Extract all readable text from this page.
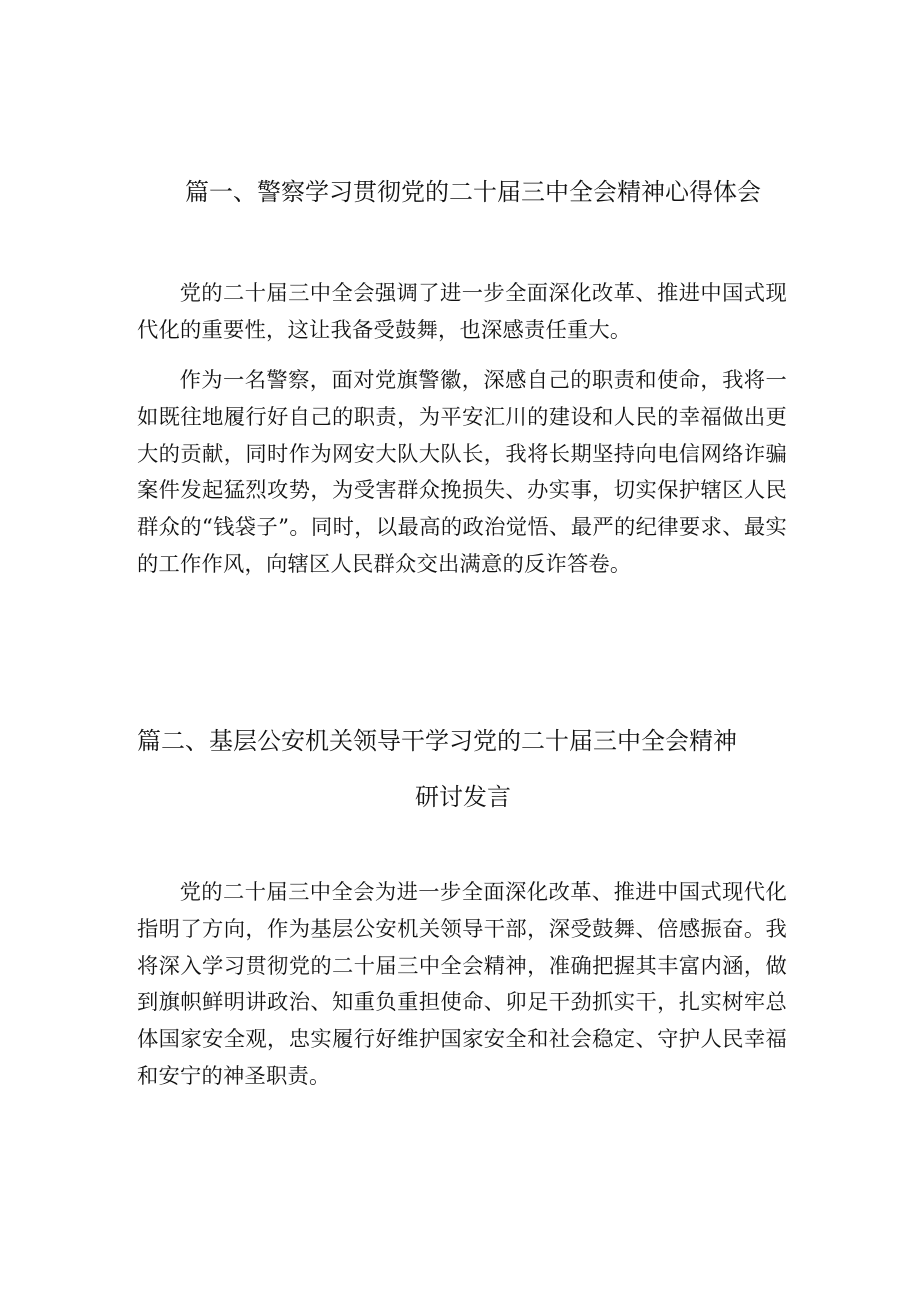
篇一、警察学习贯彻党的二十届三中全会精神心得体会

党的二十届三中全会强调了进一步全面深化改革、推进中国式现代化的重要性，这让我备受鼓舞，也深感责任重大。

作为一名警察，面对党旗警徽，深感自己的职责和使命，我将一如既往地履行好自己的职责，为平安汇川的建设和人民的幸福做出更大的贡献，同时作为网安大队大队长，我将长期坚持向电信网络诈骗案件发起猛烈攻势，为受害群众挽损失、办实事，切实保护辖区人民群众的“钱袋子”。同时，以最高的政治觉悟、最严的纪律要求、最实的工作作风，向辖区人民群众交出满意的反诈答卷。

篇二、基层公安机关领导干学习党的二十届三中全会精神
研讨发言

党的二十届三中全会为进一步全面深化改革、推进中国式现代化指明了方向，作为基层公安机关领导干部，深受鼓舞、倍感振奋。我将深入学习贯彻党的二十届三中全会精神，准确把握其丰富内涵，做到旗帜鲜明讲政治、知重负重担使命、卯足干劲抓实干，扎实树牢总体国家安全观，忠实履行好维护国家安全和社会稳定、守护人民幸福和安宁的神圣职责。
